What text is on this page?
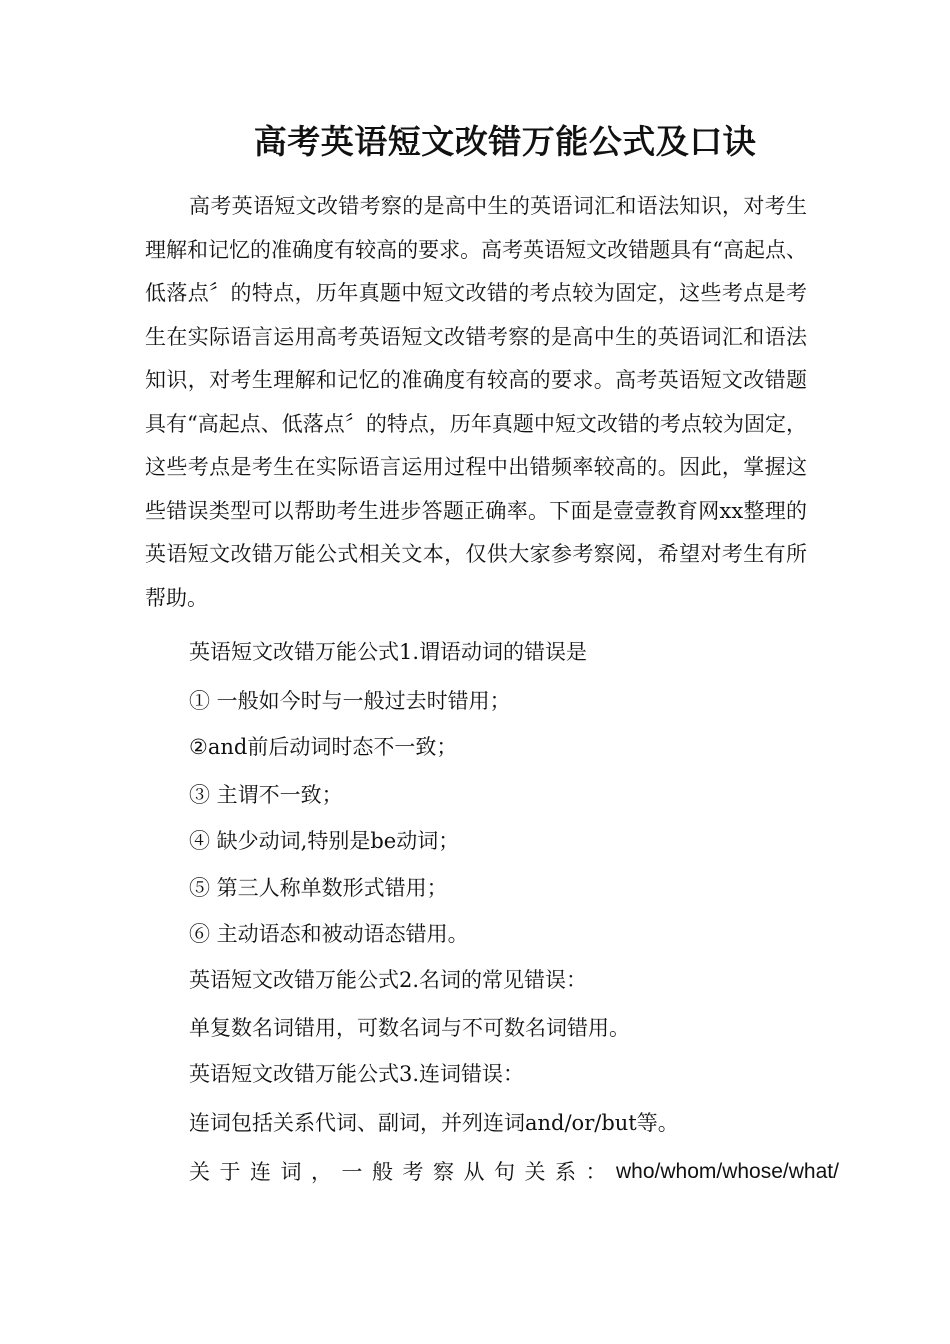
高考英语短文改错万能公式及口诀

高考英语短文改错考察的是高中生的英语词汇和语法知识，对考生理解和记忆的准确度有较高的要求。高考英语短文改错题具有“高起点、低落点〞的特点，历年真题中短文改错的考点较为固定，这些考点是考生在实际语言运用高考英语短文改错考察的是高中生的英语词汇和语法知识，对考生理解和记忆的准确度有较高的要求。高考英语短文改错题具有“高起点、低落点〞的特点，历年真题中短文改错的考点较为固定，这些考点是考生在实际语言运用过程中出错频率较高的。因此，掌握这些错误类型可以帮助考生进步答题正确率。下面是壹壹教育网xx整理的英语短文改错万能公式相关文本，仅供大家参考察阅，希望对考生有所帮助。

英语短文改错万能公式1.谓语动词的错误是

① 一般如今时与一般过去时错用；

②and前后动词时态不一致；

③ 主谓不一致；

④ 缺少动词,特别是be动词；

⑤ 第三人称单数形式错用；

⑥ 主动语态和被动语态错用。

英语短文改错万能公式2.名词的常见错误：

单复数名词错用，可数名词与不可数名词错用。

英语短文改错万能公式3.连词错误：

连词包括关系代词、副词，并列连词and/or/but等。

关于连词，一般考察从句关系： who/whom/whose/what/
